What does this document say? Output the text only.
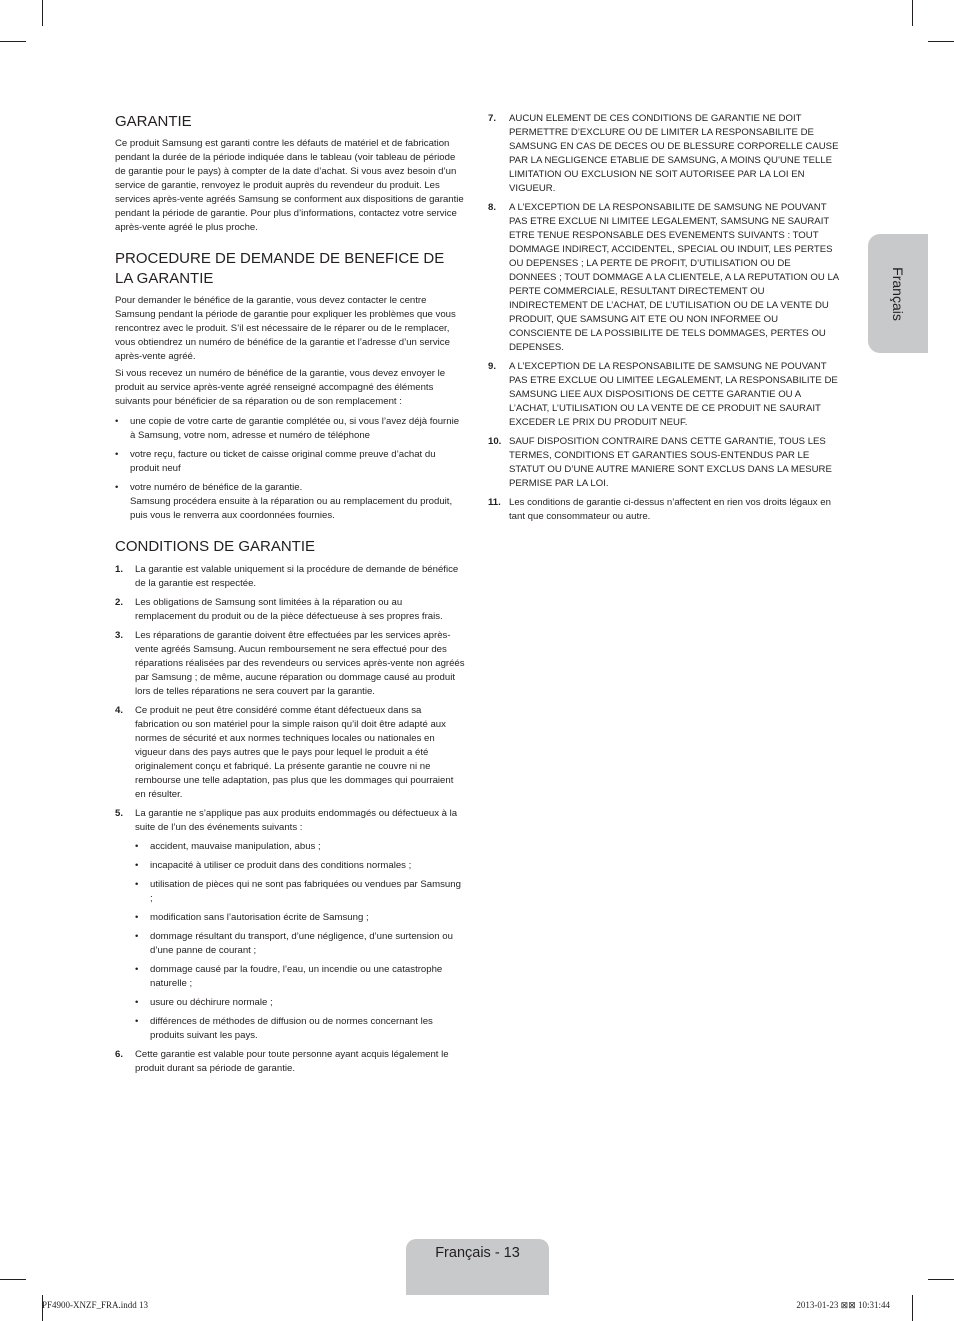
GARANTIE

Ce produit Samsung est garanti contre les défauts de matériel et de fabrication pendant la durée de la période indiquée dans le tableau (voir tableau de période de garantie pour le pays) à compter de la date d’achat. Si vous avez besoin d’un service de garantie, renvoyez le produit auprès du revendeur du produit. Les services après-vente agréés Samsung se conforment aux dispositions de garantie pendant la période de garantie. Pour plus d’informations, contactez votre service après-vente agréé le plus proche.

PROCEDURE DE DEMANDE DE BENEFICE DE LA GARANTIE

Pour demander le bénéfice de la garantie, vous devez contacter le centre Samsung pendant la période de garantie pour expliquer les problèmes que vous rencontrez avec le produit. S’il est nécessaire de le réparer ou de le remplacer, vous obtiendrez un numéro de bénéfice de la garantie et l’adresse d’un service après-vente agréé.

Si vous recevez un numéro de bénéfice de la garantie, vous devez envoyer le produit au service après-vente agréé renseigné accompagné des éléments suivants pour bénéficier de sa réparation ou de son remplacement :

• une copie de votre carte de garantie complétée ou, si vous l’avez déjà fournie à Samsung, votre nom, adresse et numéro de téléphone
• votre reçu, facture ou ticket de caisse original comme preuve d’achat du produit neuf
• votre numéro de bénéfice de la garantie.
Samsung procédera ensuite à la réparation ou au remplacement du produit, puis vous le renverra aux coordonnées fournies.
CONDITIONS DE GARANTIE
1. La garantie est valable uniquement si la procédure de demande de bénéfice de la garantie est respectée.
2. Les obligations de Samsung sont limitées à la réparation ou au remplacement du produit ou de la pièce défectueuse à ses propres frais.
3. Les réparations de garantie doivent être effectuées par les services après-vente agréés Samsung. Aucun remboursement ne sera effectué pour des réparations réalisées par des revendeurs ou services après-vente non agréés par Samsung ; de même, aucune réparation ou dommage causé au produit lors de telles réparations ne sera couvert par la garantie.
4. Ce produit ne peut être considéré comme étant défectueux dans sa fabrication ou son matériel pour la simple raison qu’il doit être adapté aux normes de sécurité et aux normes techniques locales ou nationales en vigueur dans des pays autres que le pays pour lequel le produit a été originalement conçu et fabriqué. La présente garantie ne couvre ni ne rembourse une telle adaptation, pas plus que les dommages qui pourraient en résulter.
5. La garantie ne s’applique pas aux produits endommagés ou défectueux à la suite de l’un des événements suivants :
• accident, mauvaise manipulation, abus ;
• incapacité à utiliser ce produit dans des conditions normales ;
• utilisation de pièces qui ne sont pas fabriquées ou vendues par Samsung ;
• modification sans l’autorisation écrite de Samsung ;
• dommage résultant du transport, d’une négligence, d’une surtension ou d’une panne de courant ;
• dommage causé par la foudre, l’eau, un incendie ou une catastrophe naturelle ;
• usure ou déchirure normale ;
• différences de méthodes de diffusion ou de normes concernant les produits suivant les pays.
6. Cette garantie est valable pour toute personne ayant acquis légalement le produit durant sa période de garantie.
7. AUCUN ELEMENT DE CES CONDITIONS DE GARANTIE NE DOIT PERMETTRE D’EXCLURE OU DE LIMITER LA RESPONSABILITE DE SAMSUNG EN CAS DE DECES OU DE BLESSURE CORPORELLE CAUSE PAR LA NEGLIGENCE ETABLIE DE SAMSUNG, A MOINS QU’UNE TELLE LIMITATION OU EXCLUSION NE SOIT AUTORISEE PAR LA LOI EN VIGUEUR.
8. A L’EXCEPTION DE LA RESPONSABILITE DE SAMSUNG NE POUVANT PAS ETRE EXCLUE NI LIMITEE LEGALEMENT, SAMSUNG NE SAURAIT ETRE TENUE RESPONSABLE DES EVENEMENTS SUIVANTS : TOUT DOMMAGE INDIRECT, ACCIDENTEL, SPECIAL OU INDUIT, LES PERTES OU DEPENSES ; LA PERTE DE PROFIT, D’UTILISATION OU DE DONNEES ; TOUT DOMMAGE A LA CLIENTELE, A LA REPUTATION OU LA PERTE COMMERCIALE, RESULTANT DIRECTEMENT OU INDIRECTEMENT DE L’ACHAT, DE L’UTILISATION OU DE LA VENTE DU PRODUIT, QUE SAMSUNG AIT ETE OU NON INFORMEE OU CONSCIENTE DE LA POSSIBILITE DE TELS DOMMAGES, PERTES OU DEPENSES.
9. A L’EXCEPTION DE LA RESPONSABILITE DE SAMSUNG NE POUVANT PAS ETRE EXCLUE OU LIMITEE LEGALEMENT, LA RESPONSABILITE DE SAMSUNG LIEE AUX DISPOSITIONS DE CETTE GARANTIE OU A L’ACHAT, L’UTILISATION OU LA VENTE DE CE PRODUIT NE SAURAIT EXCEDER LE PRIX DU PRODUIT NEUF.
10. SAUF DISPOSITION CONTRAIRE DANS CETTE GARANTIE, TOUS LES TERMES, CONDITIONS ET GARANTIES SOUS-ENTENDUS PAR LE STATUT OU D’UNE AUTRE MANIERE SONT EXCLUS DANS LA MESURE PERMISE PAR LA LOI.
11. Les conditions de garantie ci-dessus n’affectent en rien vos droits légaux en tant que consommateur ou autre.
Français
Français - 13
PF4900-XNZF_FRA.indd 13	2013-01-23 ⊠⊠ 10:31:44
